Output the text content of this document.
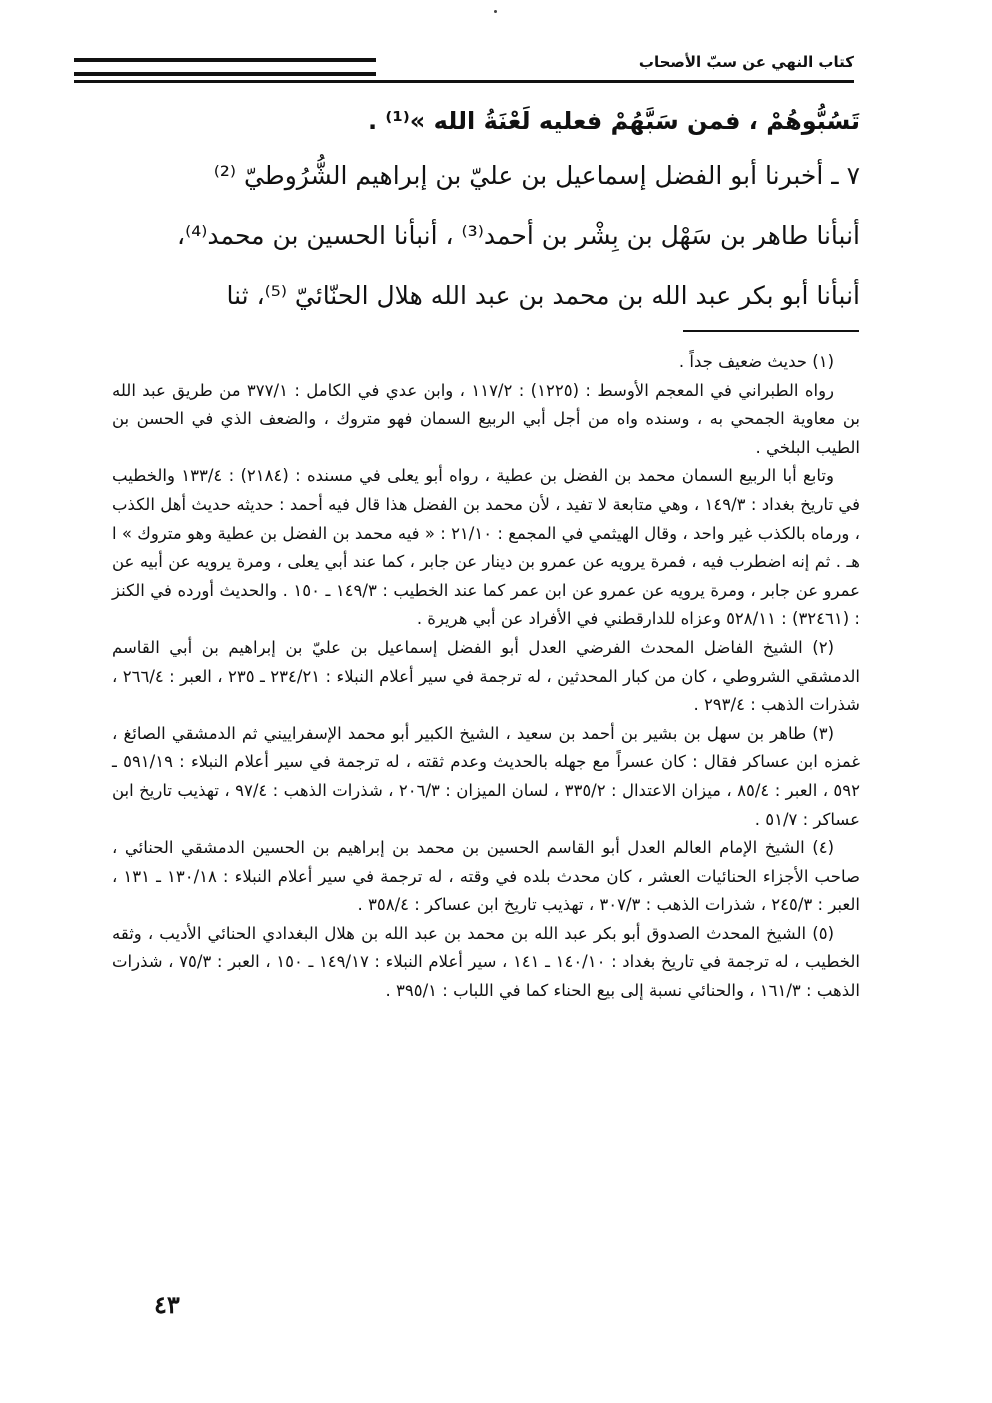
كتاب النهي عن سبّ الأصحاب

تَسُبُّوهُمْ ، فمن سَبَّهُمْ فعليه لَعْنَةُ الله »⁽¹⁾ .

٧ ـ أخبرنا أبو الفضل إسماعيل بن عليّ بن إبراهيم الشُّرُوطيّ ⁽²⁾

أنبأنا طاهر بن سَهْل بن بِشْر بن أحمد⁽³⁾ ، أنبأنا الحسين بن محمد⁽⁴⁾،

أنبأنا أبو بكر عبد الله بن محمد بن عبد الله هلال الحنّائيّ ⁽⁵⁾، ثنا

(١) حديث ضعيف جداً .

رواه الطبراني في المعجم الأوسط : (١٢٢٥) : ١١٧/٢ ، وابن عدي في الكامل : ٣٧٧/١ من طريق عبد الله بن معاوية الجمحي به ، وسنده واه من أجل أبي الربيع السمان فهو متروك ، والضعف الذي في الحسن بن الطيب البلخي .

وتابع أبا الربيع السمان محمد بن الفضل بن عطية ، رواه أبو يعلى في مسنده : (٢١٨٤) : ١٣٣/٤ والخطيب في تاريخ بغداد : ١٤٩/٣ ، وهي متابعة لا تفيد ، لأن محمد بن الفضل هذا قال فيه أحمد : حديثه حديث أهل الكذب ، ورماه بالكذب غير واحد ، وقال الهيثمي في المجمع : ٢١/١٠ : « فيه محمد بن الفضل بن عطية وهو متروك » ا هـ . ثم إنه اضطرب فيه ، فمرة يرويه عن عمرو بن دينار عن جابر ، كما عند أبي يعلى ، ومرة يرويه عن أبيه عن عمرو عن جابر ، ومرة يرويه عن عمرو عن ابن عمر كما عند الخطيب : ١٤٩/٣ ـ ١٥٠ . والحديث أورده في الكنز : (٣٢٤٦١) : ٥٢٨/١١ وعزاه للدارقطني في الأفراد عن أبي هريرة .

(٢) الشيخ الفاضل المحدث الفرضي العدل أبو الفضل إسماعيل بن عليّ بن إبراهيم بن أبي القاسم الدمشقي الشروطي ، كان من كبار المحدثين ، له ترجمة في سير أعلام النبلاء : ٢٣٤/٢١ ـ ٢٣٥ ، العبر : ٢٦٦/٤ ، شذرات الذهب : ٢٩٣/٤ .

(٣) طاهر بن سهل بن بشير بن أحمد بن سعيد ، الشيخ الكبير أبو محمد الإسفراييني ثم الدمشقي الصائغ ، غمزه ابن عساكر فقال : كان عسراً مع جهله بالحديث وعدم ثقته ، له ترجمة في سير أعلام النبلاء : ٥٩١/١٩ ـ ٥٩٢ ، العبر : ٨٥/٤ ، ميزان الاعتدال : ٣٣٥/٢ ، لسان الميزان : ٢٠٦/٣ ، شذرات الذهب : ٩٧/٤ ، تهذيب تاريخ ابن عساكر : ٥١/٧ .

(٤) الشيخ الإمام العالم العدل أبو القاسم الحسين بن محمد بن إبراهيم بن الحسين الدمشقي الحنائي ، صاحب الأجزاء الحنائيات العشر ، كان محدث بلده في وقته ، له ترجمة في سير أعلام النبلاء : ١٣٠/١٨ ـ ١٣١ ، العبر : ٢٤٥/٣ ، شذرات الذهب : ٣٠٧/٣ ، تهذيب تاريخ ابن عساكر : ٣٥٨/٤ .

(٥) الشيخ المحدث الصدوق أبو بكر عبد الله بن محمد بن عبد الله بن هلال البغدادي الحنائي الأديب ، وثقه الخطيب ، له ترجمة في تاريخ بغداد : ١٤٠/١٠ ـ ١٤١ ، سير أعلام النبلاء : ١٤٩/١٧ ـ ١٥٠ ، العبر : ٧٥/٣ ، شذرات الذهب : ١٦١/٣ ، والحنائي نسبة إلى بيع الحناء كما في اللباب : ٣٩٥/١ .

٤٣
